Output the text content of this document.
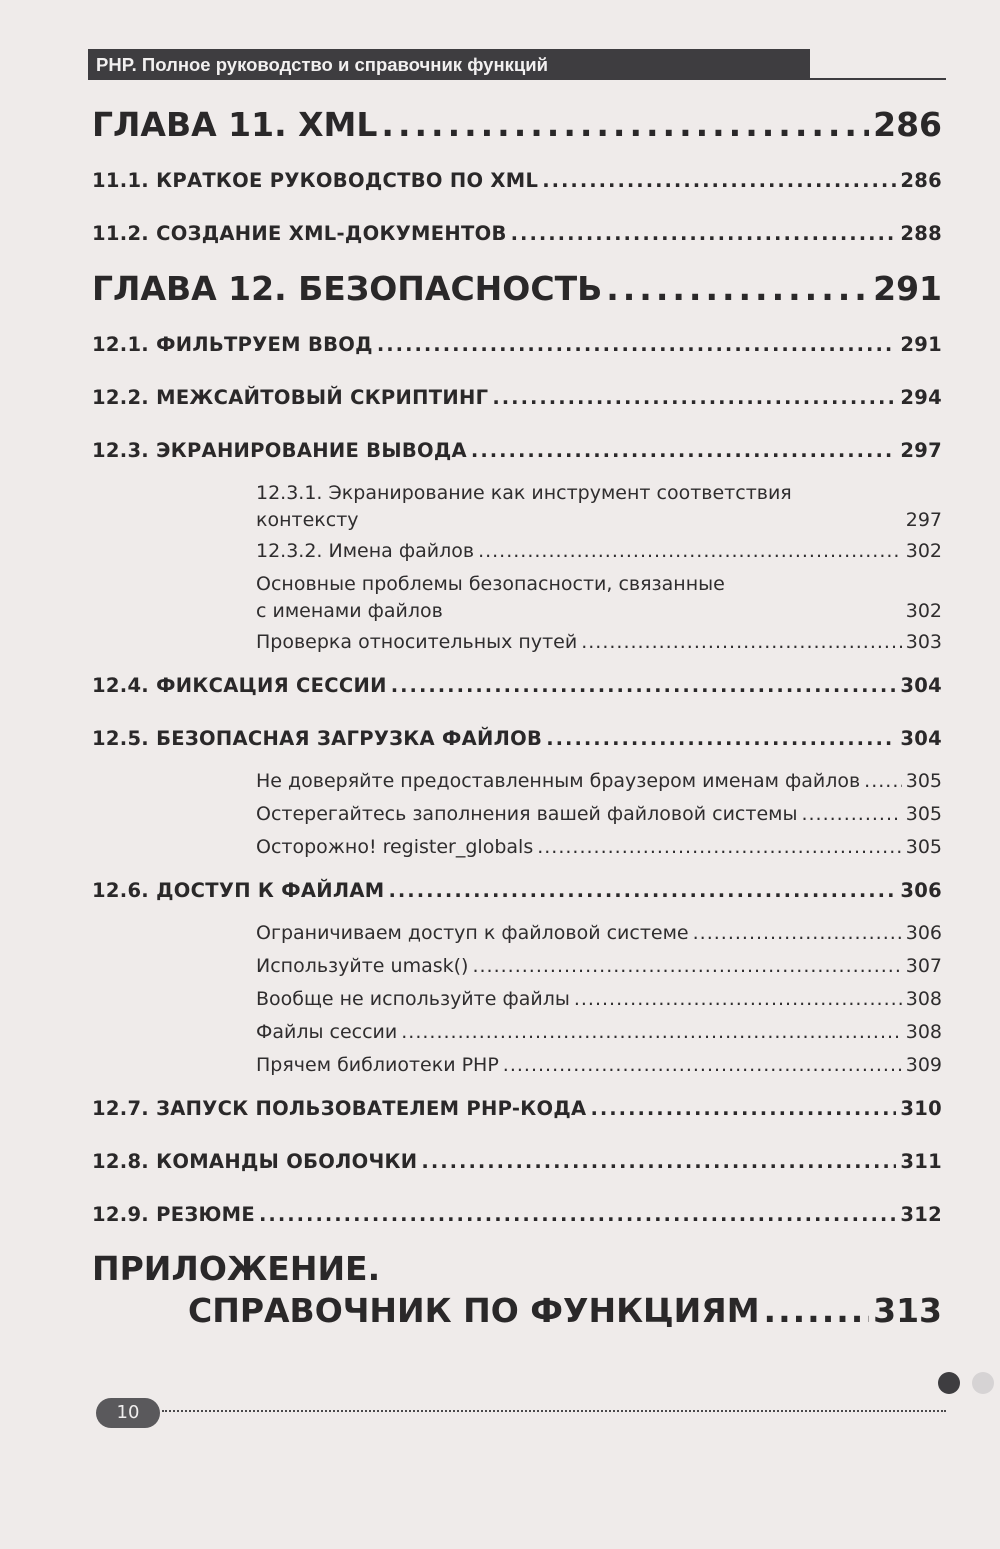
PHP. Полное руководство и справочник функций
ГЛАВА 11. XML .....	286
11.1. КРАТКОЕ РУКОВОДСТВО ПО XML .....	286
11.2. СОЗДАНИЕ XML-ДОКУМЕНТОВ .....	288
ГЛАВА 12. БЕЗОПАСНОСТЬ .....	291
12.1. ФИЛЬТРУЕМ ВВОД .....	291
12.2. МЕЖСАЙТОВЫЙ СКРИПТИНГ .....	294
12.3. ЭКРАНИРОВАНИЕ ВЫВОДА .....	297
12.3.1. Экранирование как инструмент соответствия
контексту	297
12.3.2. Имена файлов .....	302
Основные проблемы безопасности, связанные
с именами файлов	302
Проверка относительных путей .....	303
12.4. ФИКСАЦИЯ СЕССИИ .....	304
12.5. БЕЗОПАСНАЯ ЗАГРУЗКА ФАЙЛОВ .....	304
Не доверяйте предоставленным браузером именам файлов ..... 305
Остерегайтесь заполнения вашей файловой системы .....	305
Осторожно! register_globals .....	305
12.6. ДОСТУП К ФАЙЛАМ .....	306
Ограничиваем доступ к файловой системе .....	306
Используйте umask() .....	307
Вообще не используйте файлы .....	308
Файлы сессии .....	308
Прячем библиотеки PHP .....	309
12.7. ЗАПУСК ПОЛЬЗОВАТЕЛЕМ PHP-КОДА .....	310
12.8. КОМАНДЫ ОБОЛОЧКИ .....	311
12.9. РЕЗЮМЕ .....	312
ПРИЛОЖЕНИЕ.
СПРАВОЧНИК ПО ФУНКЦИЯМ .....	313
10
